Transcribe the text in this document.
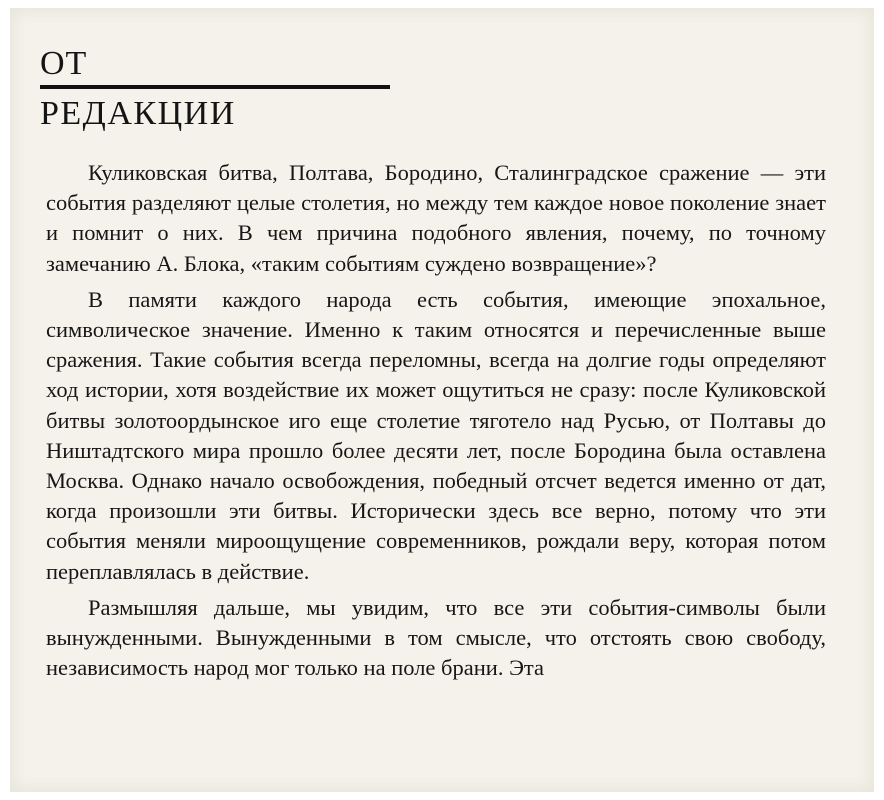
ОТ
РЕДАКЦИИ

Куликовская битва, Полтава, Бородино, Сталинградское сражение — эти события разделяют целые столетия, но между тем каждое новое поколение знает и помнит о них. В чем причина подобного явления, почему, по точному замечанию А. Блока, «таким событиям суждено возвращение»?

В памяти каждого народа есть события, имеющие эпохальное, символическое значение. Именно к таким относятся и перечисленные выше сражения. Такие события всегда переломны, всегда на долгие годы определяют ход истории, хотя воздействие их может ощутиться не сразу: после Куликовской битвы золотоордынское иго еще столетие тяготело над Русью, от Полтавы до Ништадтского мира прошло более десяти лет, после Бородина была оставлена Москва. Однако начало освобождения, победный отсчет ведется именно от дат, когда произошли эти битвы. Исторически здесь все верно, потому что эти события меняли мироощущение современников, рождали веру, которая потом переплавлялась в действие.

Размышляя дальше, мы увидим, что все эти события-символы были вынужденными. Вынужденными в том смысле, что отстоять свою свободу, независимость народ мог только на поле брани. Эта
